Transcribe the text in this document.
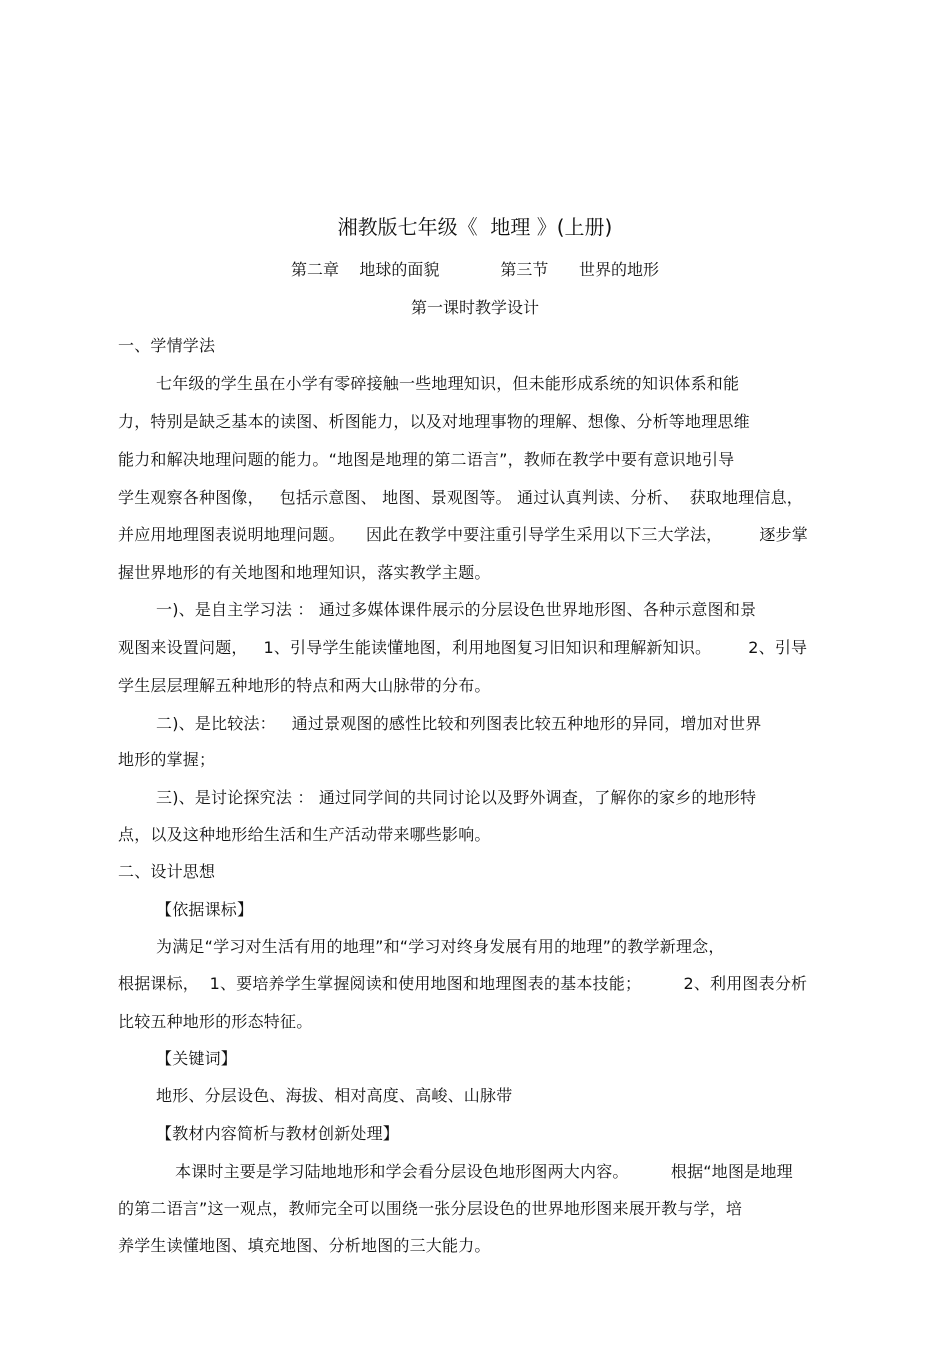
湘教版七年级《  地理 》(上册)
第二章    地球的面貌            第三节      世界的地形
第一课时教学设计
一、学情学法
七年级的学生虽在小学有零碎接触一些地理知识，但未能形成系统的知识体系和能
力，特别是缺乏基本的读图、析图能力，以及对地理事物的理解、想像、分析等地理思维
能力和解决地理问题的能力。“地图是地理的第二语言”，教师在教学中要有意识地引导
学生观察各种图像，   包括示意图、 地图、景观图等。 通过认真判读、分析、  获取地理信息，
并应用地理图表说明地理问题。    因此在教学中要注重引导学生采用以下三大学法，       逐步掌
握世界地形的有关地图和地理知识，落实教学主题。
一)、是自主学习法 ： 通过多媒体课件展示的分层设色世界地形图、各种示意图和景
观图来设置问题，   1、引导学生能读懂地图，利用地图复习旧知识和理解新知识。       2、引导
学生层层理解五种地形的特点和两大山脉带的分布。
二)、是比较法：   通过景观图的感性比较和列图表比较五种地形的异同，增加对世界
地形的掌握；
三)、是讨论探究法 ： 通过同学间的共同讨论以及野外调查，了解你的家乡的地形特
点，以及这种地形给生活和生产活动带来哪些影响。
二、设计思想
【依据课标】
为满足“学习对生活有用的地理”和“学习对终身发展有用的地理”的教学新理念，
根据课标，  1、要培养学生掌握阅读和使用地图和地理图表的基本技能；        2、利用图表分析
比较五种地形的形态特征。
【关键词】
地形、分层设色、海拔、相对高度、高峻、山脉带
【教材内容简析与教材创新处理】
本课时主要是学习陆地地形和学会看分层设色地形图两大内容。        根据“地图是地理
的第二语言”这一观点，教师完全可以围绕一张分层设色的世界地形图来展开教与学，培
养学生读懂地图、填充地图、分析地图的三大能力。
